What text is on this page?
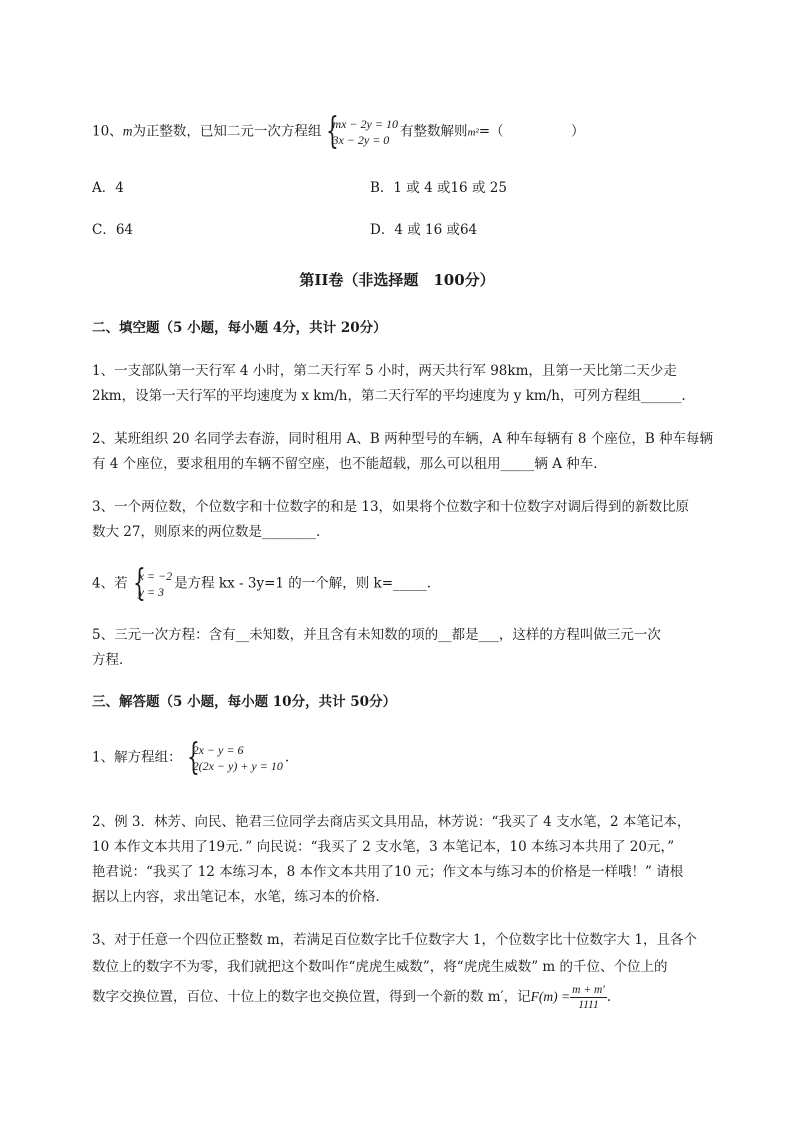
10、m为正整数，已知二元一次方程组 { mx − 2y = 10
3x − 2y = 0
有整数解则m²=（　　　　　）
A．4	B．1 或 4 或16 或 25
C．64	D．4 或 16 或64
第II卷（非选择题　100分）
二、填空题（5 小题，每小题 4分，共计 20分）
1、一支部队第一天行军 4 小时，第二天行军 5 小时，两天共行军 98km，且第一天比第二天少走
2km，设第一天行军的平均速度为 x km/h，第二天行军的平均速度为 y km/h，可列方程组______.
2、某班组织 20 名同学去春游，同时租用 A、B 两种型号的车辆，A 种车每辆有 8 个座位，B 种车每辆
有 4 个座位，要求租用的车辆不留空座，也不能超载，那么可以租用_____辆 A 种车．
3、一个两位数，个位数字和十位数字的和是 13，如果将个位数字和十位数字对调后得到的新数比原
数大 27，则原来的两位数是________.
4、若 { x = −2
y = 3
是方程 kx - 3y=1 的一个解，则 k=_____.
5、三元一次方程：含有__未知数，并且含有未知数的项的__都是___，这样的方程叫做三元一次
方程．
三、解答题（5 小题，每小题 10分，共计 50分）
1、解方程组： { 2x − y = 6
2(2x − y) + y = 10
.
2、例 3．林芳、向民、艳君三位同学去商店买文具用品，林芳说：“我买了 4 支水笔，2 本笔记本，
10 本作文本共用了19元．” 向民说：“我买了 2 支水笔，3 本笔记本，10 本练习本共用了 20元，”
艳君说：“我买了 12 本练习本，8 本作文本共用了10 元；作文本与练习本的价格是一样哦！” 请根
据以上内容，求出笔记本，水笔，练习本的价格．
3、对于任意一个四位正整数 m，若满足百位数字比千位数字大 1，个位数字比十位数字大 1，且各个
数位上的数字不为零，我们就把这个数叫作“虎虎生威数”，将“虎虎生威数” m 的千位、个位上的
数字交换位置，百位、十位上的数字也交换位置，得到一个新的数 m′，记$F(m) = \frac{m + m'}{1111}$ .
